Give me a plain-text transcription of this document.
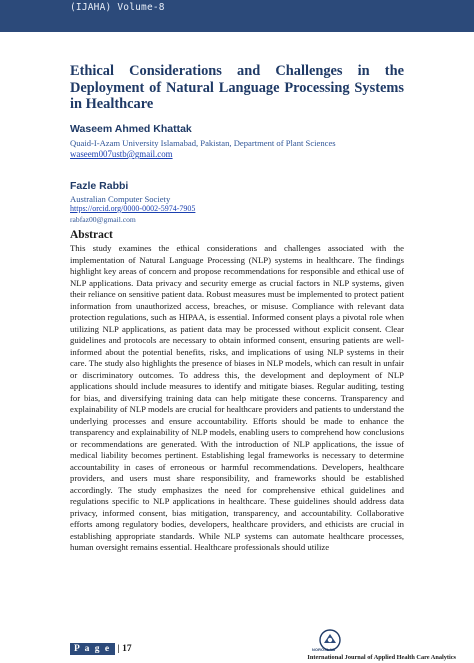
(IJAHA) Volume-8
Ethical Considerations and Challenges in the Deployment of Natural Language Processing Systems in Healthcare
Waseem Ahmed Khattak
Quaid-I-Azam University Islamabad, Pakistan, Department of Plant Sciences
waseem007ustb@gmail.com
Fazle Rabbi
Australian Computer Society
https://orcid.org/0000-0002-5974-7905
rabfaz00@gmail.com
Abstract
This study examines the ethical considerations and challenges associated with the implementation of Natural Language Processing (NLP) systems in healthcare. The findings highlight key areas of concern and propose recommendations for responsible and ethical use of NLP applications. Data privacy and security emerge as crucial factors in NLP systems, given their reliance on sensitive patient data. Robust measures must be implemented to protect patient information from unauthorized access, breaches, or misuse. Compliance with relevant data protection regulations, such as HIPAA, is essential. Informed consent plays a pivotal role when utilizing NLP applications, as patient data may be processed without explicit consent. Clear guidelines and protocols are necessary to obtain informed consent, ensuring patients are well-informed about the potential benefits, risks, and implications of using NLP systems in their care. The study also highlights the presence of biases in NLP models, which can result in unfair or discriminatory outcomes. To address this, the development and deployment of NLP applications should include measures to identify and mitigate biases. Regular auditing, testing for bias, and diversifying training data can help mitigate these concerns. Transparency and explainability of NLP models are crucial for healthcare providers and patients to understand the underlying processes and ensure accountability. Efforts should be made to enhance the transparency and explainability of NLP models, enabling users to comprehend how conclusions or recommendations are generated. With the introduction of NLP applications, the issue of medical liability becomes pertinent. Establishing legal frameworks is necessary to determine accountability in cases of erroneous or harmful recommendations. Developers, healthcare providers, and users must share responsibility, and frameworks should be established accordingly. The study emphasizes the need for comprehensive ethical guidelines and regulations specific to NLP applications in healthcare. These guidelines should address data privacy, informed consent, bias mitigation, transparency, and accountability. Collaborative efforts among regulatory bodies, developers, healthcare providers, and ethicists are crucial in establishing appropriate standards. While NLP systems can automate healthcare processes, human oversight remains essential. Healthcare professionals should utilize
P a g e | 17	NOROSLAB
International Journal of Applied Health Care Analytics
